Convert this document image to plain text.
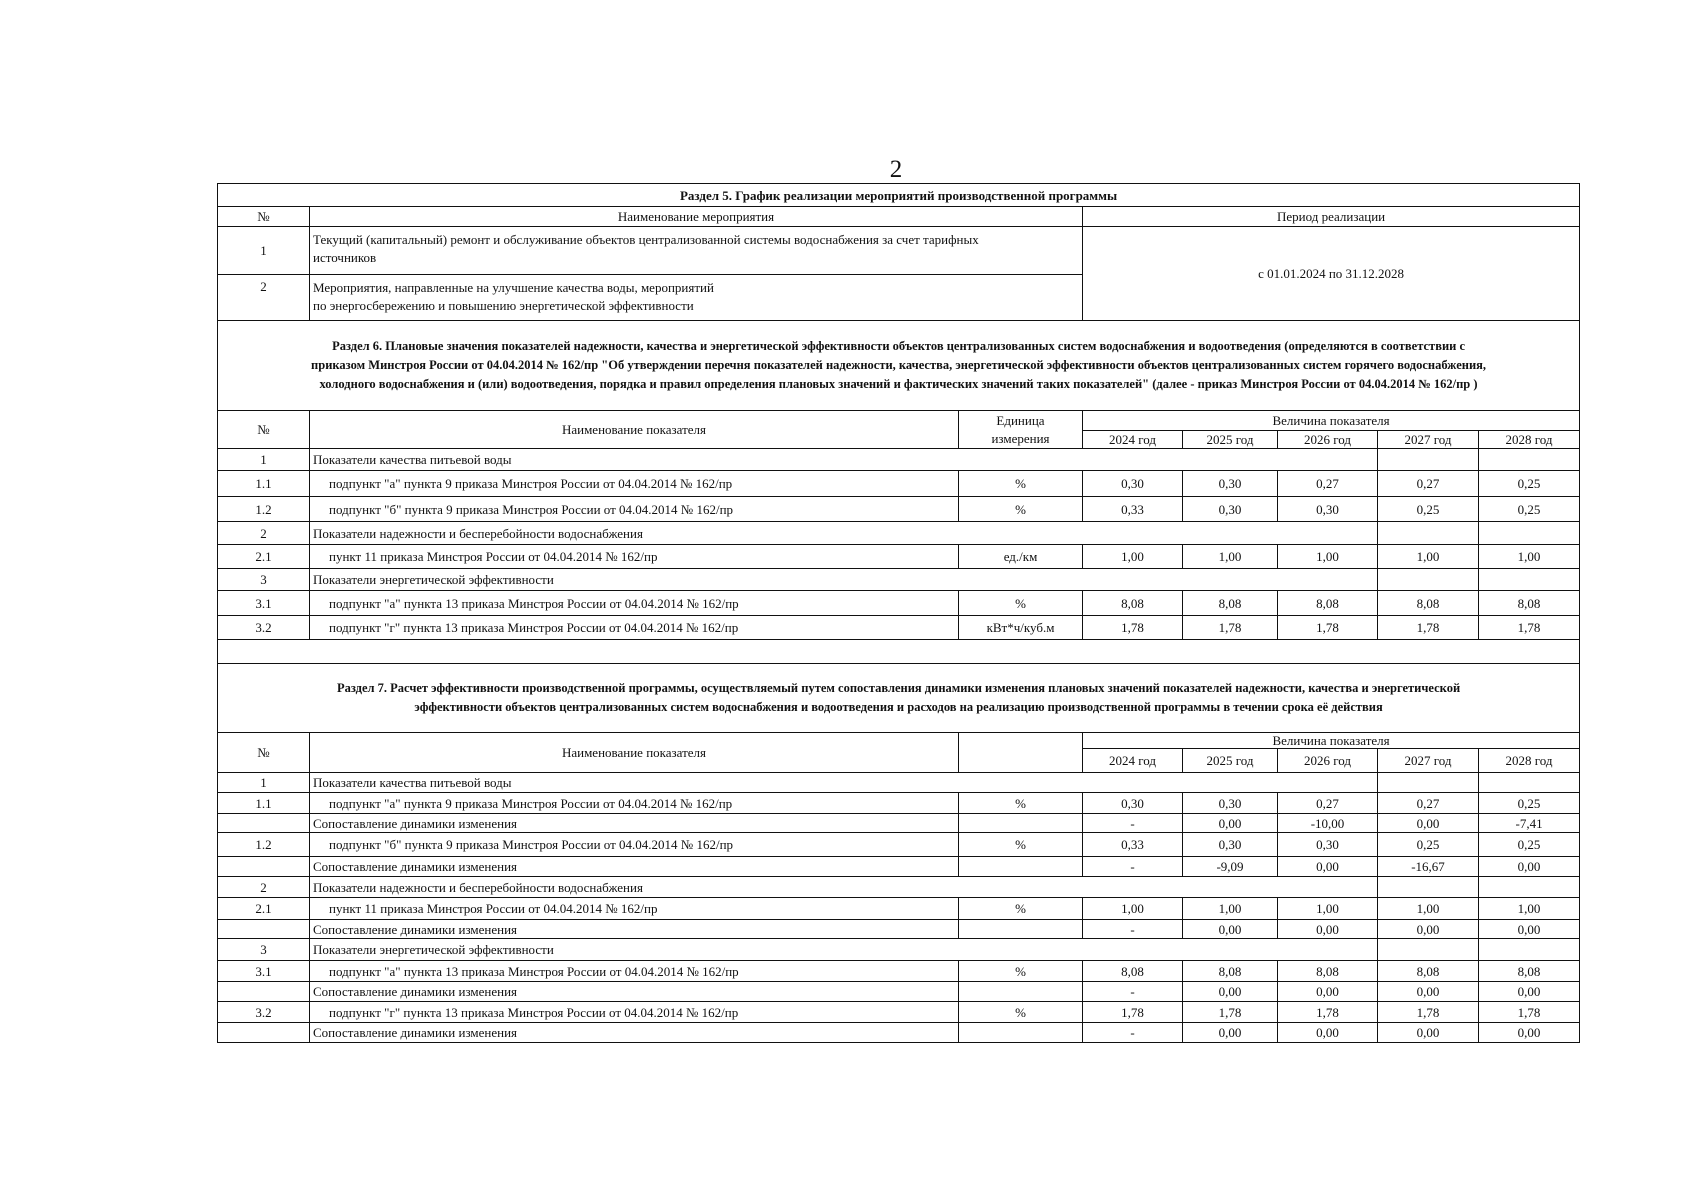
2
Раздел 5. График реализации мероприятий производственной программы							
№	Наименование мероприятия		Период реализации				
1	Текущий (капитальный) ремонт и обслуживание объектов централизованной системы водоснабжения за счет тарифных
источников		с 01.01.2024 по 31.12.2028				
2	Мероприятия, направленные на улучшение качества воды, мероприятий
по энергосбережению и повышению энергетической эффективности						

Раздел 6. Плановые значения показателей надежности, качества и энергетической эффективности объектов централизованных систем водоснабжения и водоотведения (определяются в соответствии с
приказом Минстроя России от 04.04.2014 № 162/пр "Об утверждении перечня показателей надежности, качества, энергетической эффективности объектов централизованных систем горячего водоснабжения,
холодного водоснабжения и (или) водоотведения, порядка и правил определения плановых значений и фактических значений таких показателей" (далее - приказ Минстроя России от 04.04.2014 № 162/пр )							

№	Наименование показателя	Единица
измерения	Величина показателя				
			2024 год	2025 год	2026 год	2027 год	2028 год
1	Показатели качества питьевой воды						
1.1	подпункт "а" пункта 9 приказа Минстроя России от 04.04.2014 № 162/пр	%	0,30	0,30	0,27	0,27	0,25
1.2	подпункт "б" пункта 9 приказа Минстроя России от 04.04.2014 № 162/пр	%	0,33	0,30	0,30	0,25	0,25
2	Показатели надежности и бесперебойности водоснабжения						
2.1	пункт 11 приказа Минстроя России от 04.04.2014 № 162/пр	ед./км	1,00	1,00	1,00	1,00	1,00
3	Показатели энергетической эффективности						
3.1	подпункт "а" пункта 13 приказа Минстроя России от 04.04.2014 № 162/пр	%	8,08	8,08	8,08	8,08	8,08
3.2	подпункт "г" пункта 13 приказа Минстроя России от 04.04.2014 № 162/пр	кВт*ч/куб.м	1,78	1,78	1,78	1,78	1,78

Раздел 7. Расчет эффективности производственной программы, осуществляемый путем сопоставления динамики изменения плановых значений показателей надежности, качества и энергетической
эффективности объектов централизованных систем водоснабжения и водоотведения и расходов на реализацию производственной программы в течении срока её действия							

№	Наименование показателя		Величина показателя				
			2024 год	2025 год	2026 год	2027 год	2028 год
1	Показатели качества питьевой воды						
1.1	подпункт "а" пункта 9 приказа Минстроя России от 04.04.2014 № 162/пр	%	0,30	0,30	0,27	0,27	0,25
	Сопоставление динамики изменения		-	0,00	-10,00	0,00	-7,41
1.2	подпункт "б" пункта 9 приказа Минстроя России от 04.04.2014 № 162/пр	%	0,33	0,30	0,30	0,25	0,25
	Сопоставление динамики изменения		-	-9,09	0,00	-16,67	0,00
2	Показатели надежности и бесперебойности водоснабжения						
2.1	пункт 11 приказа Минстроя России от 04.04.2014 № 162/пр	%	1,00	1,00	1,00	1,00	1,00
	Сопоставление динамики изменения		-	0,00	0,00	0,00	0,00
3	Показатели энергетической эффективности						
3.1	подпункт "а" пункта 13 приказа Минстроя России от 04.04.2014 № 162/пр	%	8,08	8,08	8,08	8,08	8,08
	Сопоставление динамики изменения		-	0,00	0,00	0,00	0,00
3.2	подпункт "г" пункта 13 приказа Минстроя России от 04.04.2014 № 162/пр	%	1,78	1,78	1,78	1,78	1,78
	Сопоставление динамики изменения		-	0,00	0,00	0,00	0,00
